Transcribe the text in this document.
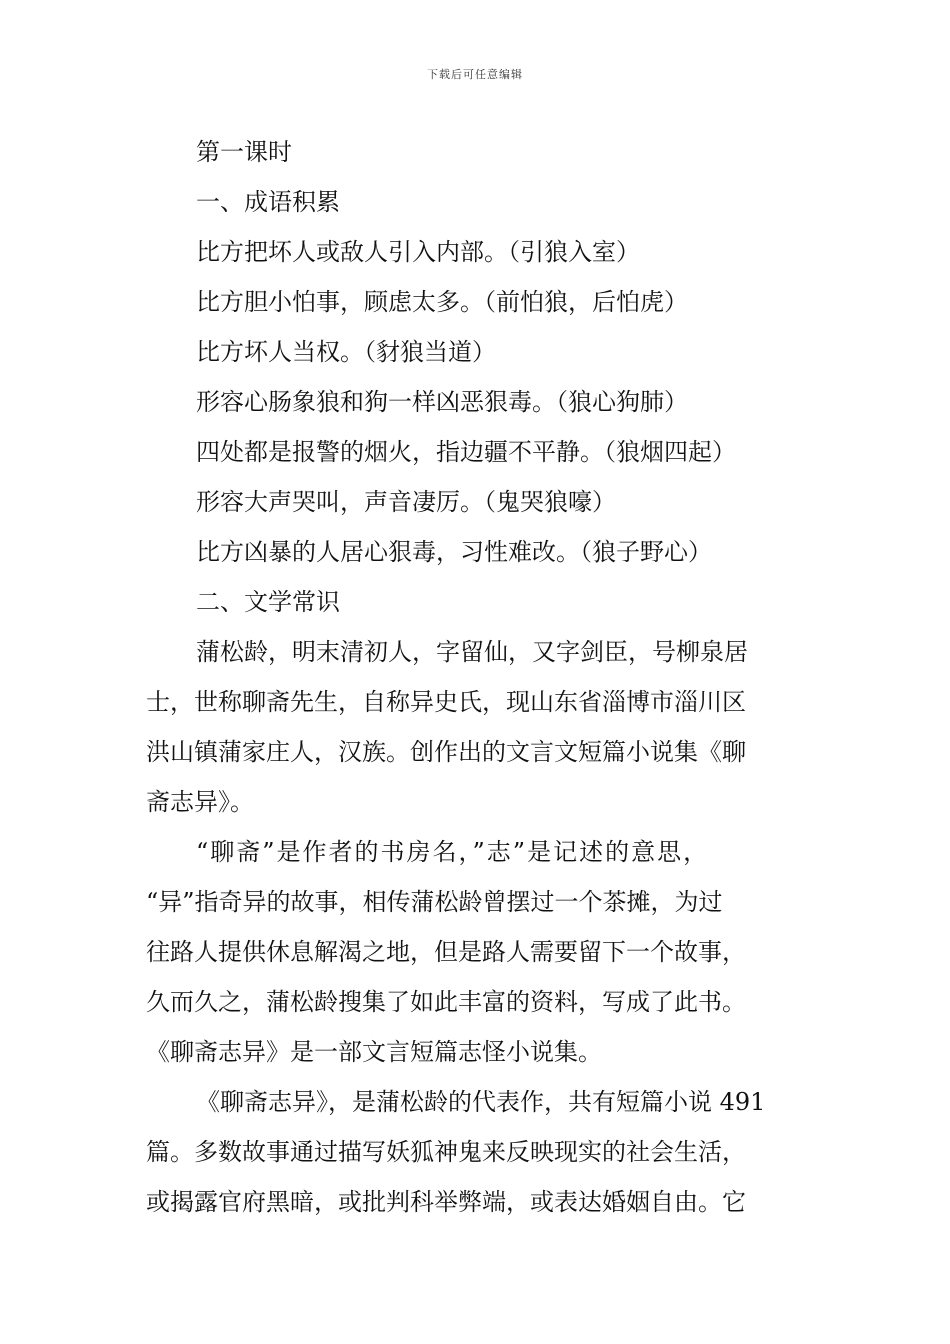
下载后可任意编辑
第一课时
一、成语积累
比方把坏人或敌人引入内部。（引狼入室）
比方胆小怕事，顾虑太多。（前怕狼，后怕虎）
比方坏人当权。（豺狼当道）
形容心肠象狼和狗一样凶恶狠毒。（狼心狗肺）
四处都是报警的烟火，指边疆不平静。（狼烟四起）
形容大声哭叫，声音凄厉。（鬼哭狼嚎）
比方凶暴的人居心狠毒，习性难改。（狼子野心）
二、文学常识
蒲松龄，明末清初人，字留仙，又字剑臣，号柳泉居
士，世称聊斋先生，自称异史氏，现山东省淄博市淄川区
洪山镇蒲家庄人，汉族。创作出的文言文短篇小说集《聊
斋志异》。
“聊斋”是作者的书房名，”志”是记述的意思，
“异”指奇异的故事，相传蒲松龄曾摆过一个茶摊，为过
往路人提供休息解渴之地，但是路人需要留下一个故事，
久而久之，蒲松龄搜集了如此丰富的资料，写成了此书。
《聊斋志异》是一部文言短篇志怪小说集。
《聊斋志异》，是蒲松龄的代表作，共有短篇小说 491
篇。多数故事通过描写妖狐神鬼来反映现实的社会生活，
或揭露官府黑暗，或批判科举弊端，或表达婚姻自由。它
